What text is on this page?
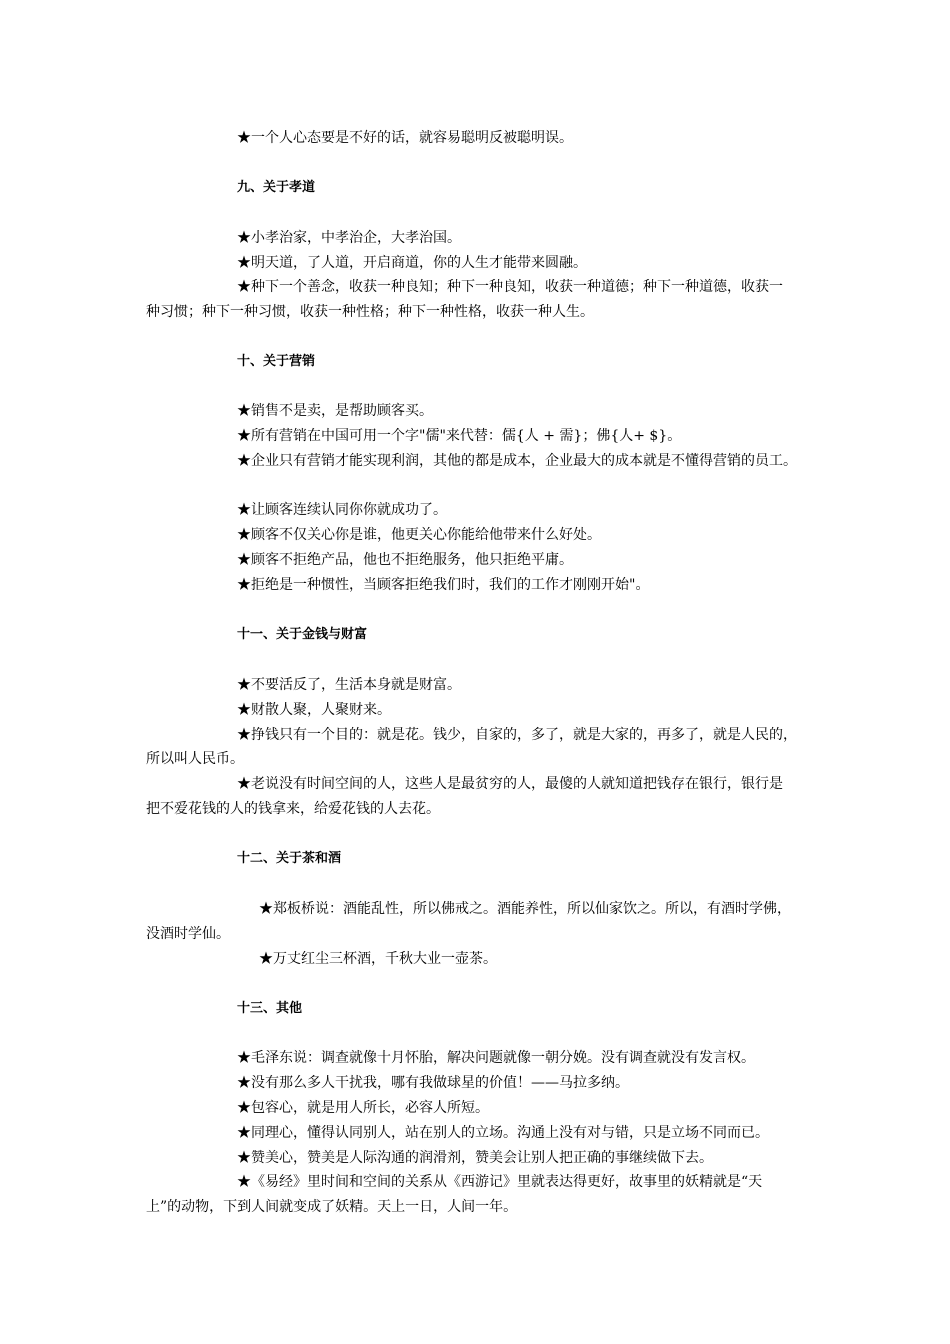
★一个人心态要是不好的话，就容易聪明反被聪明误。
九、关于孝道
★小孝治家，中孝治企，大孝治国。
★明天道，了人道，开启商道，你的人生才能带来圆融。
★种下一个善念，收获一种良知；种下一种良知，收获一种道德；种下一种道德，收获一
种习惯；种下一种习惯，收获一种性格；种下一种性格，收获一种人生。
十、关于营销
★销售不是卖，是帮助顾客买。
★所有营销在中国可用一个字"儒"来代替：儒{人 + 需}；佛{人+ $}。
★企业只有营销才能实现利润，其他的都是成本，企业最大的成本就是不懂得营销的员工。
★让顾客连续认同你你就成功了。
★顾客不仅关心你是谁，他更关心你能给他带来什么好处。
★顾客不拒绝产品，他也不拒绝服务，他只拒绝平庸。
★拒绝是一种惯性，当顾客拒绝我们时，我们的工作才刚刚开始"。
十一、关于金钱与财富
★不要活反了，生活本身就是财富。
★财散人聚，人聚财来。
★挣钱只有一个目的：就是花。钱少，自家的，多了，就是大家的，再多了，就是人民的，
所以叫人民币。
★老说没有时间空间的人，这些人是最贫穷的人，最傻的人就知道把钱存在银行，银行是
把不爱花钱的人的钱拿来，给爱花钱的人去花。
十二、关于茶和酒
★郑板桥说：酒能乱性，所以佛戒之。酒能养性，所以仙家饮之。所以，有酒时学佛，
没酒时学仙。
★万丈红尘三杯酒，千秋大业一壶茶。
十三、其他
★毛泽东说：调查就像十月怀胎，解决问题就像一朝分娩。没有调查就没有发言权。
★没有那么多人干扰我，哪有我做球星的价值！——马拉多纳。
★包容心，就是用人所长，必容人所短。
★同理心，懂得认同别人，站在别人的立场。沟通上没有对与错，只是立场不同而已。
★赞美心，赞美是人际沟通的润滑剂，赞美会让别人把正确的事继续做下去。
★《易经》里时间和空间的关系从《西游记》里就表达得更好，故事里的妖精就是“天
上”的动物，下到人间就变成了妖精。天上一日，人间一年。
